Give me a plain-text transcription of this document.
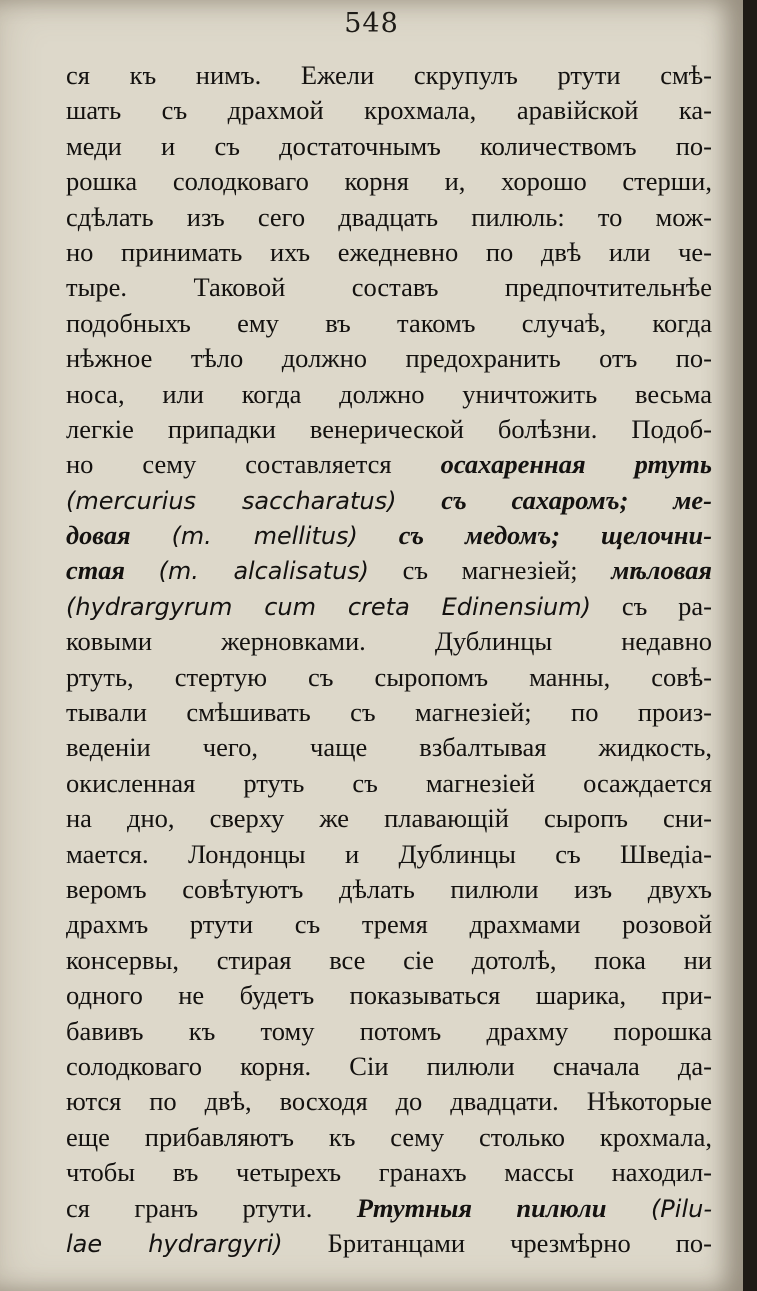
548
ся къ нимъ. Ежели скрупулъ ртути смѣ-
шать съ драхмой крохмала, аравійской ка-
меди и съ достаточнымъ количествомъ по-
рошка солодковаго корня и, хорошо стерши,
сдѣлать изъ сего двадцать пилюль: то мож-
но принимать ихъ ежедневно по двѣ или че-
тыре. Таковой составъ предпочтительнѣе
подобныхъ ему въ такомъ случаѣ, когда
нѣжное тѣло должно предохранить отъ по-
носа, или когда должно уничтожить весьма
легкіе припадки венерической болѣзни. Подоб-
но сему составляется осахаренная ртуть
(mercurius saccharatus) съ сахаромъ; ме-
довая (m. mellitus) съ медомъ; щелочни-
стая (m. alcalisatus) съ магнезіей; мѣловая
(hydrargyrum cum creta Edinensium) съ ра-
ковыми жерновками. Дублинцы недавно
ртуть, стертую съ сыропомъ манны, совѣ-
тывали смѣшивать съ магнезіей; по произ-
веденіи чего, чаще взбалтывая жидкость,
окисленная ртуть съ магнезіей осаждается
на дно, сверху же плавающій сыропъ сни-
мается. Лондонцы и Дублинцы съ Шведіа-
веромъ совѣтуютъ дѣлать пилюли изъ двухъ
драхмъ ртути съ тремя драхмами розовой
консервы, стирая все сіе дотолѣ, пока ни
одного не будетъ показываться шарика, при-
бавивъ къ тому потомъ драхму порошка
солодковаго корня. Сіи пилюли сначала да-
ются по двѣ, восходя до двадцати. Нѣкоторые
еще прибавляютъ къ сему столько крохмала,
чтобы въ четырехъ гранахъ массы находил-
ся гранъ ртути. Ртутныя пилюли (Pilu-
lae hydrargyri) Британцами чрезмѣрно по-
